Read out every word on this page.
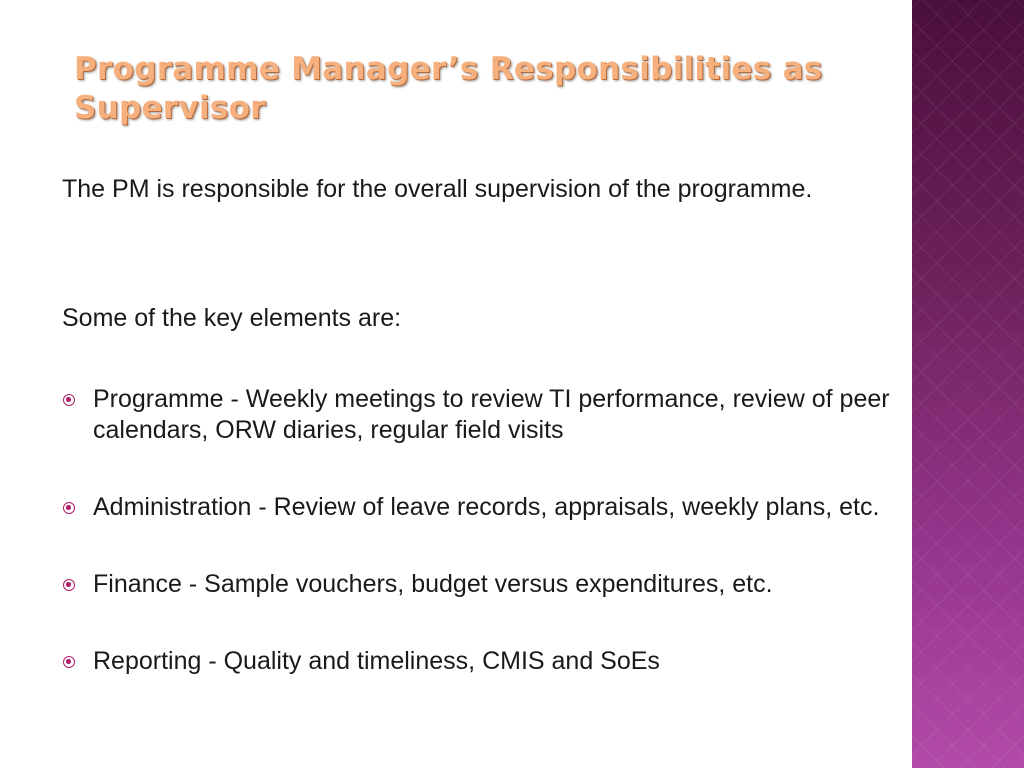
Programme Manager’s Responsibilities as Supervisor

The PM is responsible for the overall supervision of the programme.

Some of the key elements are:

Programme - Weekly meetings to review TI performance, review of peer calendars, ORW diaries, regular field visits
Administration - Review of leave records, appraisals, weekly plans, etc.
Finance - Sample vouchers, budget versus expenditures, etc.
Reporting - Quality and timeliness, CMIS and SoEs
